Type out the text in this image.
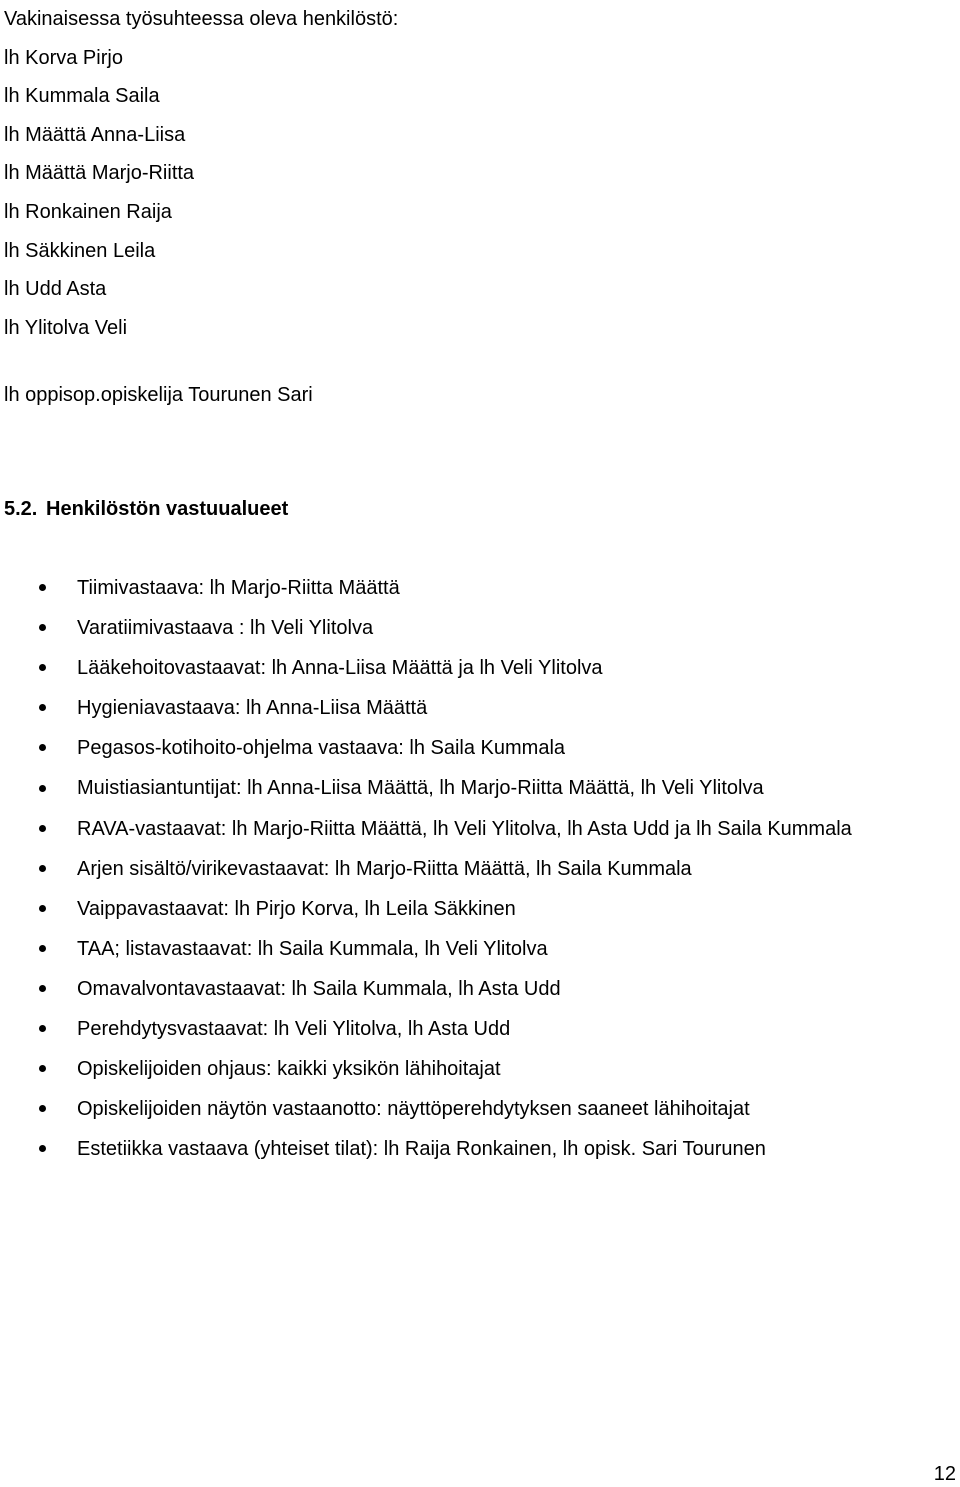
Vakinaisessa työsuhteessa oleva henkilöstö:
lh Korva Pirjo
lh Kummala Saila
lh Määttä Anna-Liisa
lh Määttä Marjo-Riitta
lh Ronkainen Raija
lh Säkkinen Leila
lh Udd Asta
lh Ylitolva Veli
lh oppisop.opiskelija Tourunen Sari
5.2. Henkilöstön vastuualueet
Tiimivastaava: lh Marjo-Riitta Määttä
Varatiimivastaava : lh Veli Ylitolva
Lääkehoitovastaavat: lh Anna-Liisa Määttä ja lh Veli Ylitolva
Hygieniavastaava: lh Anna-Liisa Määttä
Pegasos-kotihoito-ohjelma vastaava: lh Saila Kummala
Muistiasiantuntijat: lh Anna-Liisa Määttä, lh Marjo-Riitta Määttä, lh Veli Ylitolva
RAVA-vastaavat: lh Marjo-Riitta Määttä, lh Veli Ylitolva, lh Asta Udd ja lh Saila Kummala
Arjen sisältö/virikevastaavat: lh Marjo-Riitta Määttä, lh Saila Kummala
Vaippavastaavat: lh Pirjo Korva, lh Leila Säkkinen
TAA; listavastaavat: lh Saila Kummala, lh Veli Ylitolva
Omavalvontavastaavat: lh Saila Kummala, lh Asta Udd
Perehdytysvastaavat: lh Veli Ylitolva, lh Asta Udd
Opiskelijoiden ohjaus: kaikki yksikön lähihoitajat
Opiskelijoiden näytön vastaanotto: näyttöperehdytyksen saaneet lähihoitajat
Estetiikka vastaava (yhteiset tilat): lh Raija Ronkainen, lh opisk. Sari Tourunen
12
